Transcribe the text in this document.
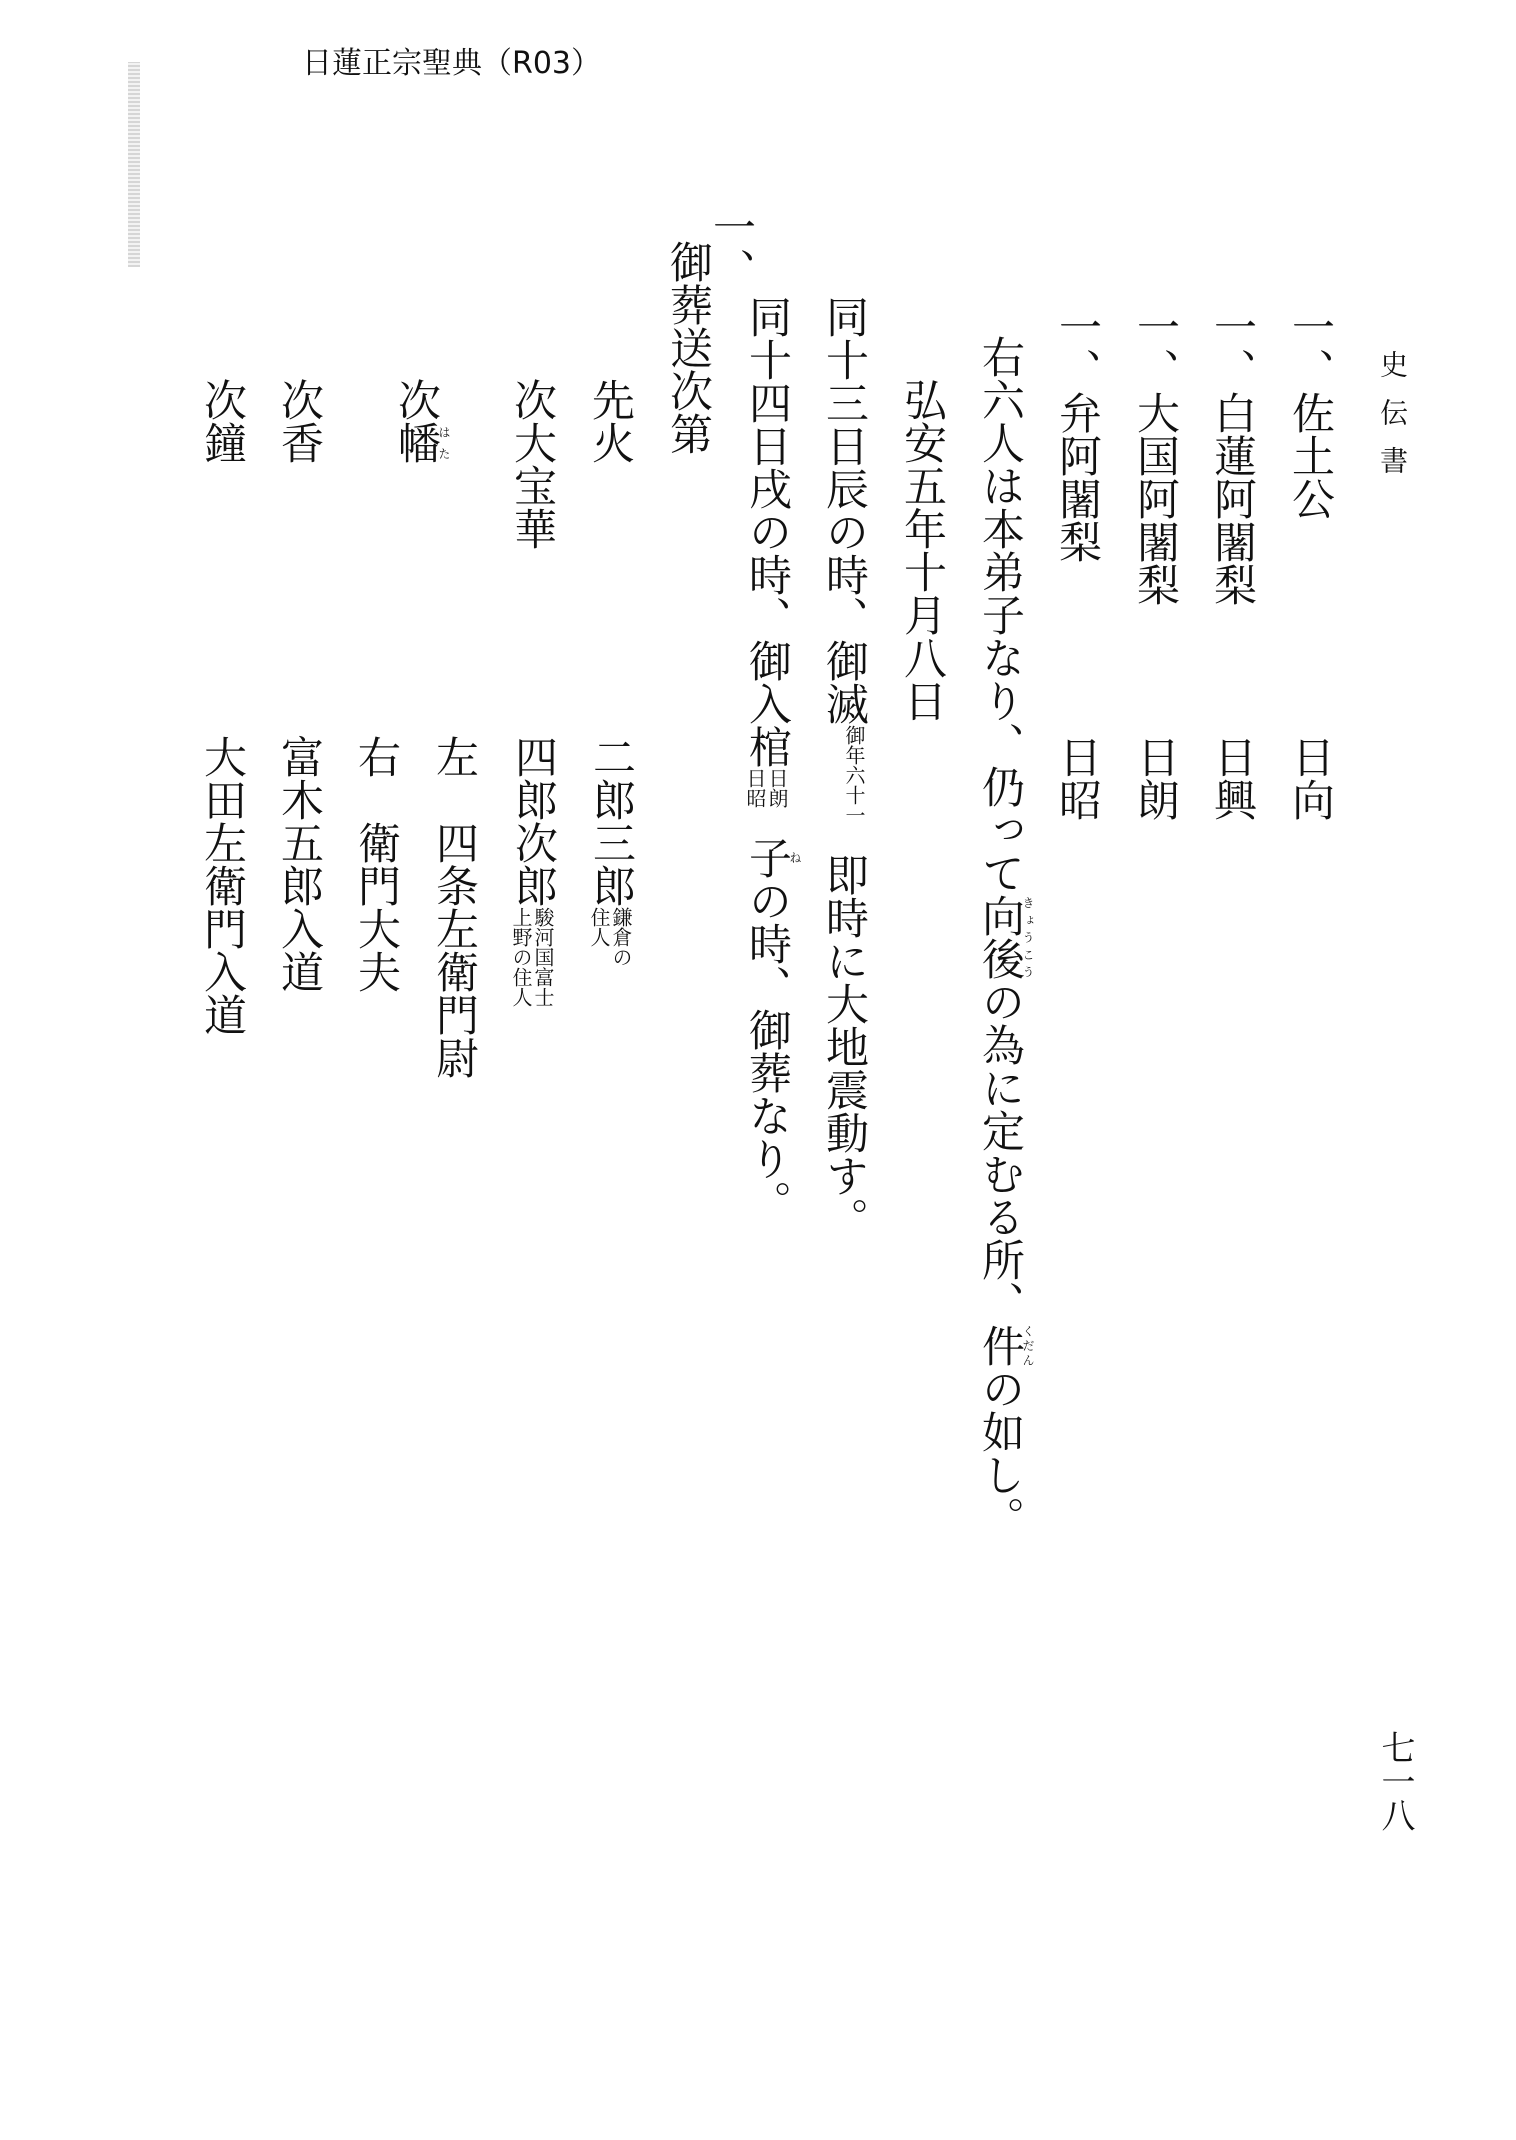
日蓮正宗聖典（R03）
史伝書
一、佐土公
日向
一、白蓮阿闍梨
日興
一、大国阿闍梨
日朗
一、弁阿闍梨
日昭
右六人は本弟子なり、仍って向後きょうこうの為に定むる所、件くだんの如し。
弘安五年十月八日
同十三日辰の時、御滅御年六十一即時に大地震動す。
同十四日戌の時、御入棺日朗
日昭子ねの時、御葬なり。
一、
御葬送次第
先火
二郎三郎鎌倉の
住人
次大宝華
四郎次郎駿河国富士
上野の住人
左　四条左衛門尉
次幡はた
右　衛門大夫
次香
富木五郎入道
次鐘
大田左衛門入道
七一八
